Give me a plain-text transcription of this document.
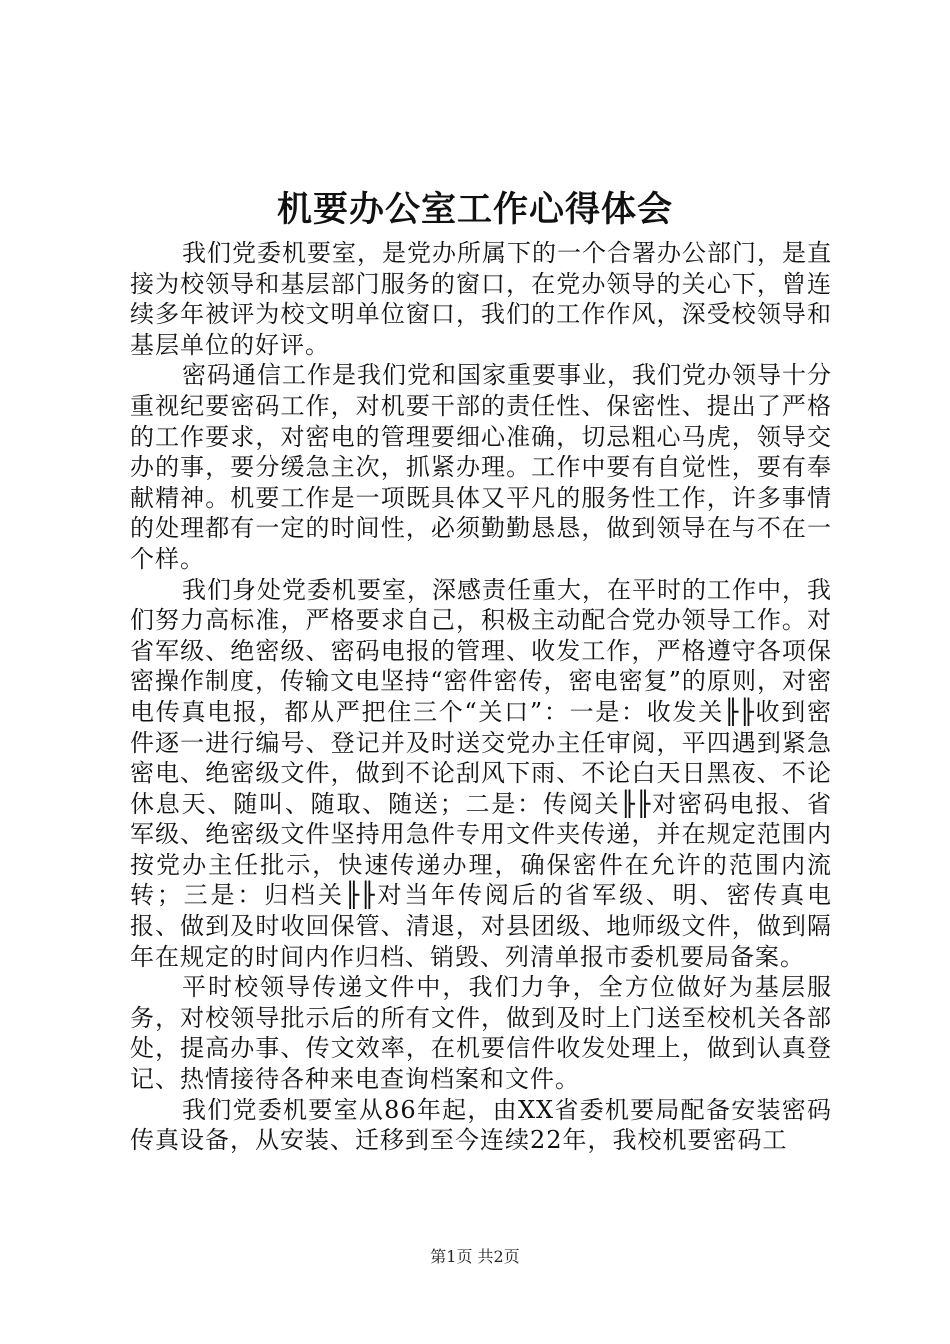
机要办公室工作心得体会

我们党委机要室，是党办所属下的一个合署办公部门，是直接为校领导和基层部门服务的窗口，在党办领导的关心下，曾连续多年被评为校文明单位窗口，我们的工作作风，深受校领导和基层单位的好评。

密码通信工作是我们党和国家重要事业，我们党办领导十分重视纪要密码工作，对机要干部的责任性、保密性、提出了严格的工作要求，对密电的管理要细心准确，切忌粗心马虎，领导交办的事，要分缓急主次，抓紧办理。工作中要有自觉性，要有奉献精神。机要工作是一项既具体又平凡的服务性工作，许多事情的处理都有一定的时间性，必须勤勤恳恳，做到领导在与不在一个样。

我们身处党委机要室，深感责任重大，在平时的工作中，我们努力高标准，严格要求自己，积极主动配合党办领导工作。对省军级、绝密级、密码电报的管理、收发工作，严格遵守各项保密操作制度，传输文电坚持“密件密传，密电密复”的原则，对密电传真电报，都从严把住三个“关口”：一是：收发关╟╟收到密件逐一进行编号、登记并及时送交党办主任审阅，平四遇到紧急密电、绝密级文件，做到不论刮风下雨、不论白天日黑夜、不论休息天、随叫、随取、随送；二是：传阅关╟╟对密码电报、省军级、绝密级文件坚持用急件专用文件夹传递，并在规定范围内按党办主任批示，快速传递办理，确保密件在允许的范围内流转；三是：归档关╟╟对当年传阅后的省军级、明、密传真电报、做到及时收回保管、清退，对县团级、地师级文件，做到隔年在规定的时间内作归档、销毁、列清单报市委机要局备案。

平时校领导传递文件中，我们力争，全方位做好为基层服务，对校领导批示后的所有文件，做到及时上门送至校机关各部处，提高办事、传文效率，在机要信件收发处理上，做到认真登记、热情接待各种来电查询档案和文件。

我们党委机要室从86年起，由XX省委机要局配备安装密码传真设备，从安装、迁移到至今连续22年，我校机要密码工

第1页 共2页
